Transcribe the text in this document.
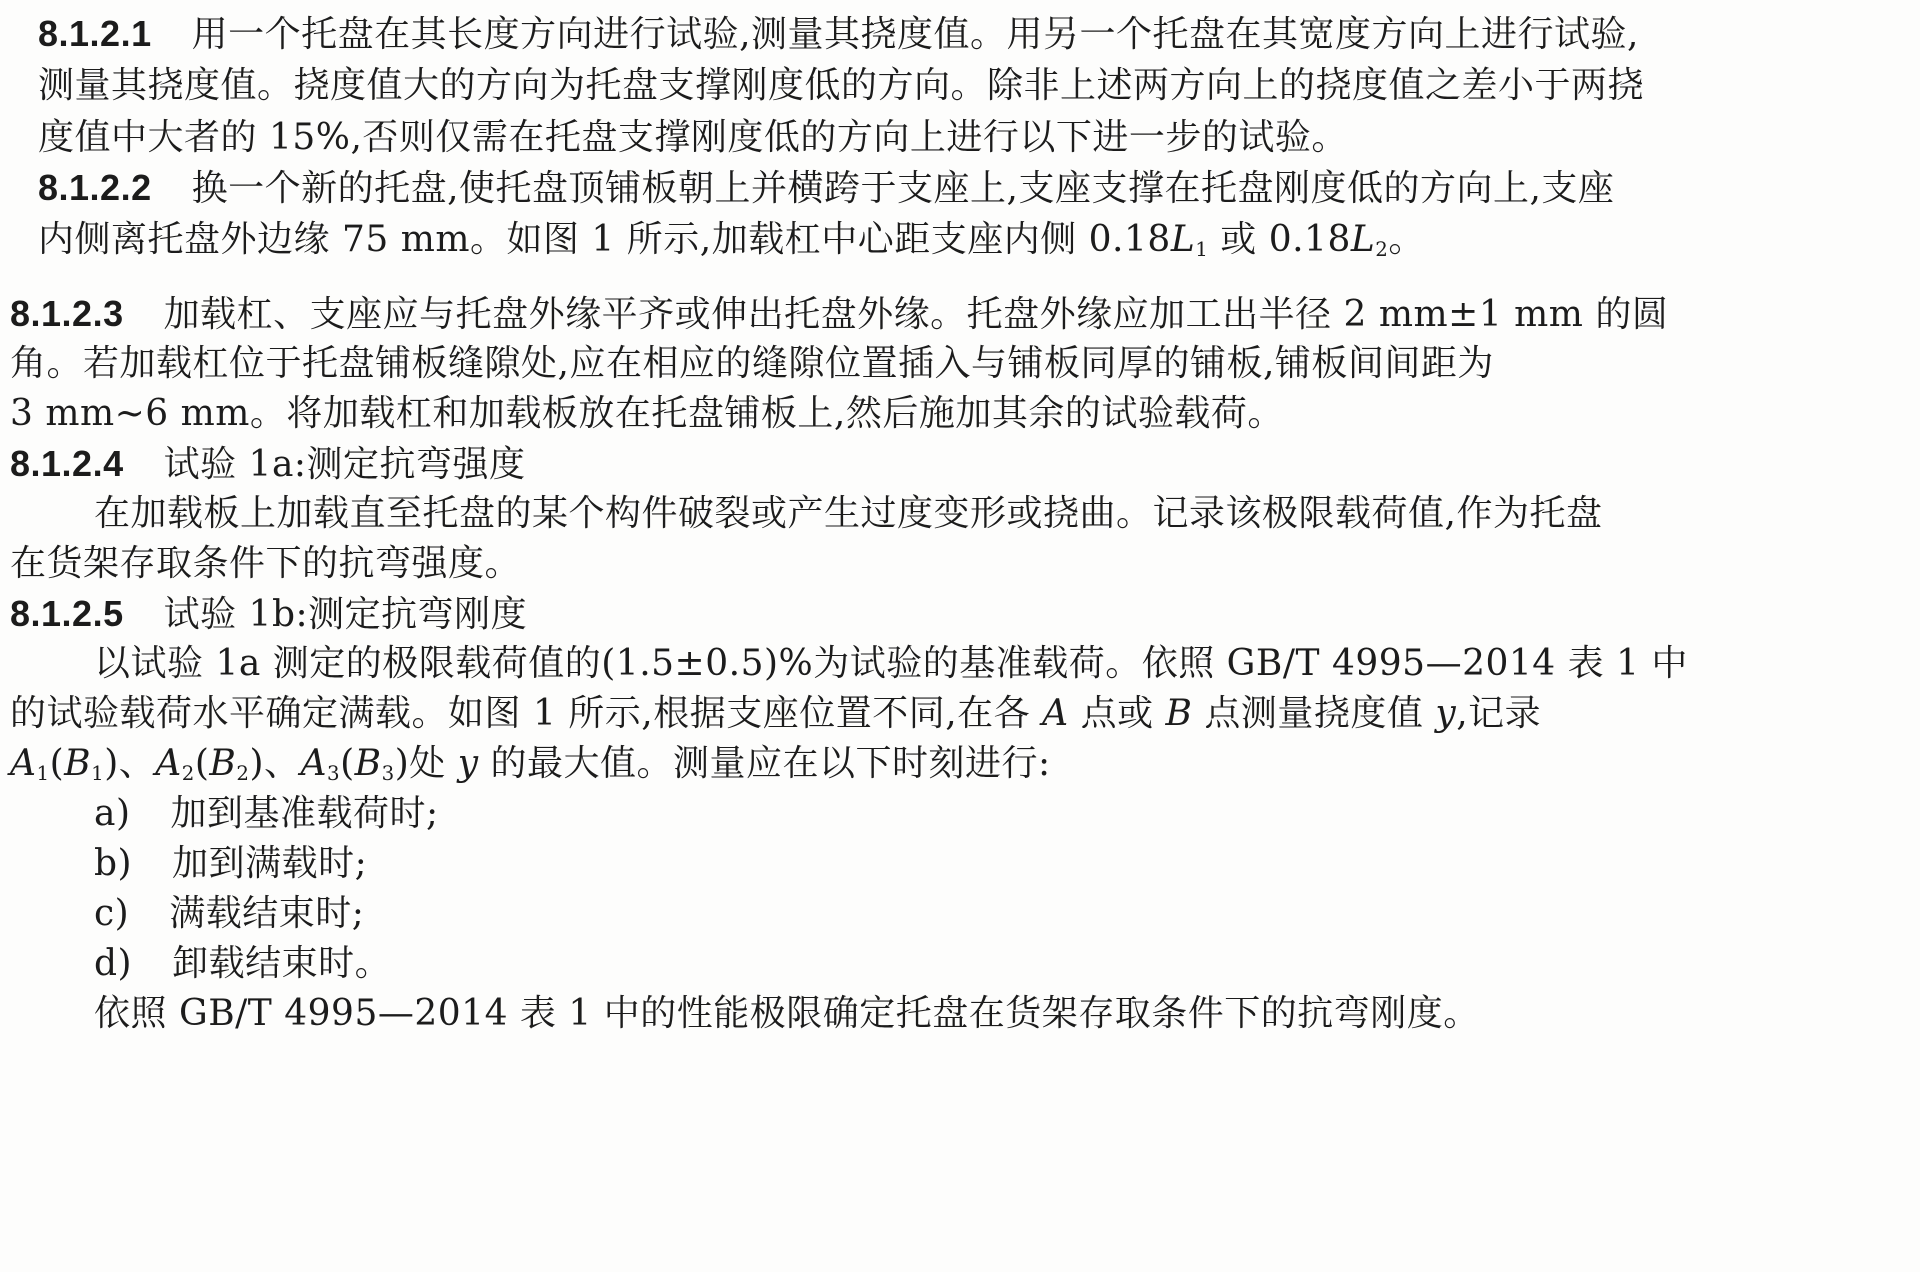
8.1.2.1 用一个托盘在其长度方向进行试验,测量其挠度值。用另一个托盘在其宽度方向上进行试验,
测量其挠度值。挠度值大的方向为托盘支撑刚度低的方向。除非上述两方向上的挠度值之差小于两挠
度值中大者的 15%,否则仅需在托盘支撑刚度低的方向上进行以下进一步的试验。
8.1.2.2 换一个新的托盘,使托盘顶铺板朝上并横跨于支座上,支座支撑在托盘刚度低的方向上,支座
内侧离托盘外边缘 75 mm。如图 1 所示,加载杠中心距支座内侧 $0.18L_1$ 或 $0.18L_2$。
8.1.2.3 加载杠、支座应与托盘外缘平齐或伸出托盘外缘。托盘外缘应加工出半径 2 mm±1 mm 的圆
角。若加载杠位于托盘铺板缝隙处,应在相应的缝隙位置插入与铺板同厚的铺板,铺板间间距为
3 mm~6 mm。将加载杠和加载板放在托盘铺板上,然后施加其余的试验载荷。
8.1.2.4 试验 1a:测定抗弯强度
在加载板上加载直至托盘的某个构件破裂或产生过度变形或挠曲。记录该极限载荷值,作为托盘
在货架存取条件下的抗弯强度。
8.1.2.5 试验 1b:测定抗弯刚度
以试验 1a 测定的极限载荷值的(1.5±0.5)%为试验的基准载荷。依照 GB/T 4995—2014 表 1 中
的试验载荷水平确定满载。如图 1 所示,根据支座位置不同,在各 A 点或 B 点测量挠度值 y,记录
$A_1(B_1)$、$A_2(B_2)$、$A_3(B_3)$处 y 的最大值。测量应在以下时刻进行:
a) 加到基准载荷时;
b) 加到满载时;
c) 满载结束时;
d) 卸载结束时。
依照 GB/T 4995—2014 表 1 中的性能极限确定托盘在货架存取条件下的抗弯刚度。
